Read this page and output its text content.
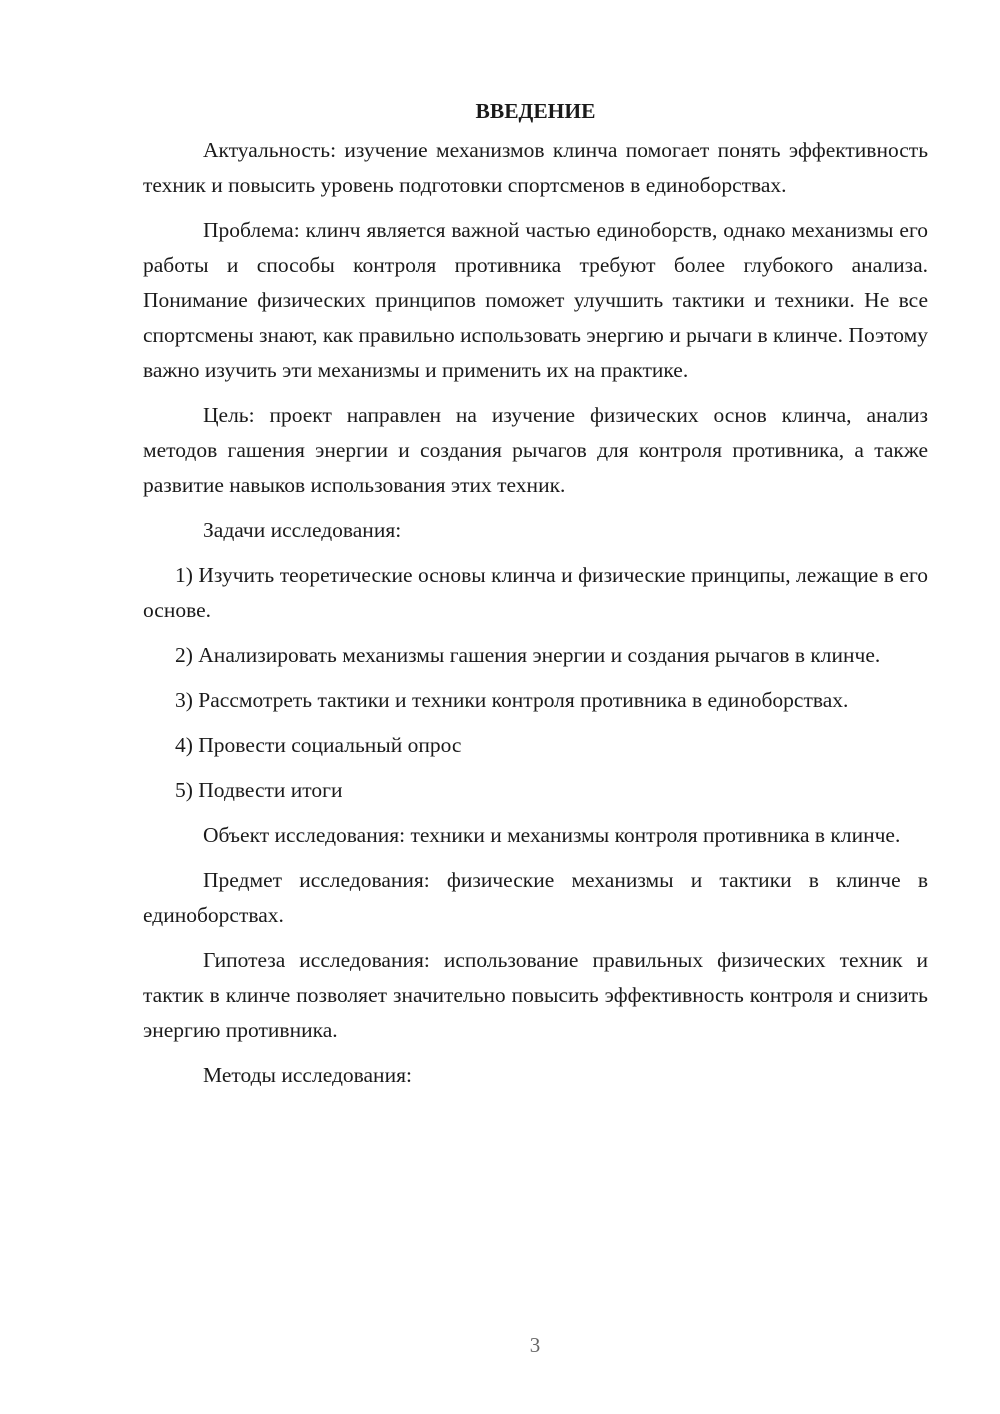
ВВЕДЕНИЕ

Актуальность: изучение механизмов клинча помогает понять эффективность техник и повысить уровень подготовки спортсменов в единоборствах.

Проблема: клинч является важной частью единоборств, однако механизмы его работы и способы контроля противника требуют более глубокого анализа. Понимание физических принципов поможет улучшить тактики и техники. Не все спортсмены знают, как правильно использовать энергию и рычаги в клинче. Поэтому важно изучить эти механизмы и применить их на практике.

Цель: проект направлен на изучение физических основ клинча, анализ методов гашения энергии и создания рычагов для контроля противника, а также развитие навыков использования этих техник.

Задачи исследования:

1) Изучить теоретические основы клинча и физические принципы, лежащие в его основе.

2) Анализировать механизмы гашения энергии и создания рычагов в клинче.

3) Рассмотреть тактики и техники контроля противника в единоборствах.

4) Провести социальный опрос

5) Подвести итоги

Объект исследования: техники и механизмы контроля противника в клинче.

Предмет исследования: физические механизмы и тактики в клинче в единоборствах.

Гипотеза исследования: использование правильных физических техник и тактик в клинче позволяет значительно повысить эффективность контроля и снизить энергию противника.

Методы исследования:

3
